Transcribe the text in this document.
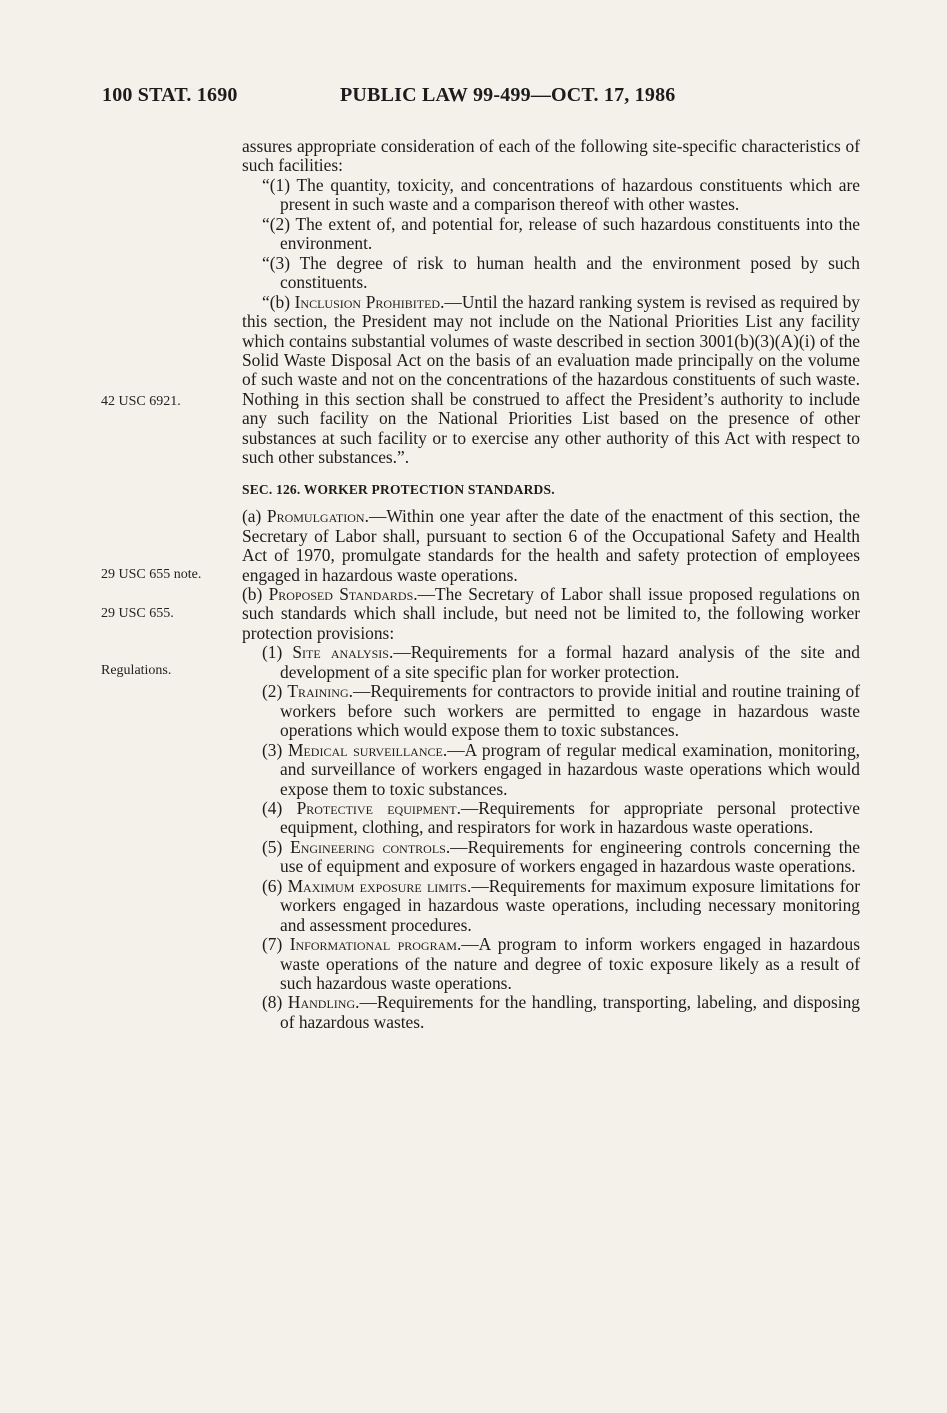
100 STAT. 1690	PUBLIC LAW 99-499—OCT. 17, 1986
42 USC 6921.
29 USC 655 note.
29 USC 655.
Regulations.

assures appropriate consideration of each of the following site-specific characteristics of such facilities:

“(1) The quantity, toxicity, and concentrations of hazardous constituents which are present in such waste and a comparison thereof with other wastes.

“(2) The extent of, and potential for, release of such hazardous constituents into the environment.

“(3) The degree of risk to human health and the environment posed by such constituents.

“(b) Inclusion Prohibited.—Until the hazard ranking system is revised as required by this section, the President may not include on the National Priorities List any facility which contains substantial volumes of waste described in section 3001(b)(3)(A)(i) of the Solid Waste Disposal Act on the basis of an evaluation made principally on the volume of such waste and not on the concentrations of the hazardous constituents of such waste. Nothing in this section shall be construed to affect the President’s authority to include any such facility on the National Priorities List based on the presence of other substances at such facility or to exercise any other authority of this Act with respect to such other substances.”.

SEC. 126. WORKER PROTECTION STANDARDS.

(a) Promulgation.—Within one year after the date of the enactment of this section, the Secretary of Labor shall, pursuant to section 6 of the Occupational Safety and Health Act of 1970, promulgate standards for the health and safety protection of employees engaged in hazardous waste operations.

(b) Proposed Standards.—The Secretary of Labor shall issue proposed regulations on such standards which shall include, but need not be limited to, the following worker protection provisions:

(1) Site analysis.—Requirements for a formal hazard analysis of the site and development of a site specific plan for worker protection.

(2) Training.—Requirements for contractors to provide initial and routine training of workers before such workers are permitted to engage in hazardous waste operations which would expose them to toxic substances.

(3) Medical surveillance.—A program of regular medical examination, monitoring, and surveillance of workers engaged in hazardous waste operations which would expose them to toxic substances.

(4) Protective equipment.—Requirements for appropriate personal protective equipment, clothing, and respirators for work in hazardous waste operations.

(5) Engineering controls.—Requirements for engineering controls concerning the use of equipment and exposure of workers engaged in hazardous waste operations.

(6) Maximum exposure limits.—Requirements for maximum exposure limitations for workers engaged in hazardous waste operations, including necessary monitoring and assessment procedures.

(7) Informational program.—A program to inform workers engaged in hazardous waste operations of the nature and degree of toxic exposure likely as a result of such hazardous waste operations.

(8) Handling.—Requirements for the handling, transporting, labeling, and disposing of hazardous wastes.
